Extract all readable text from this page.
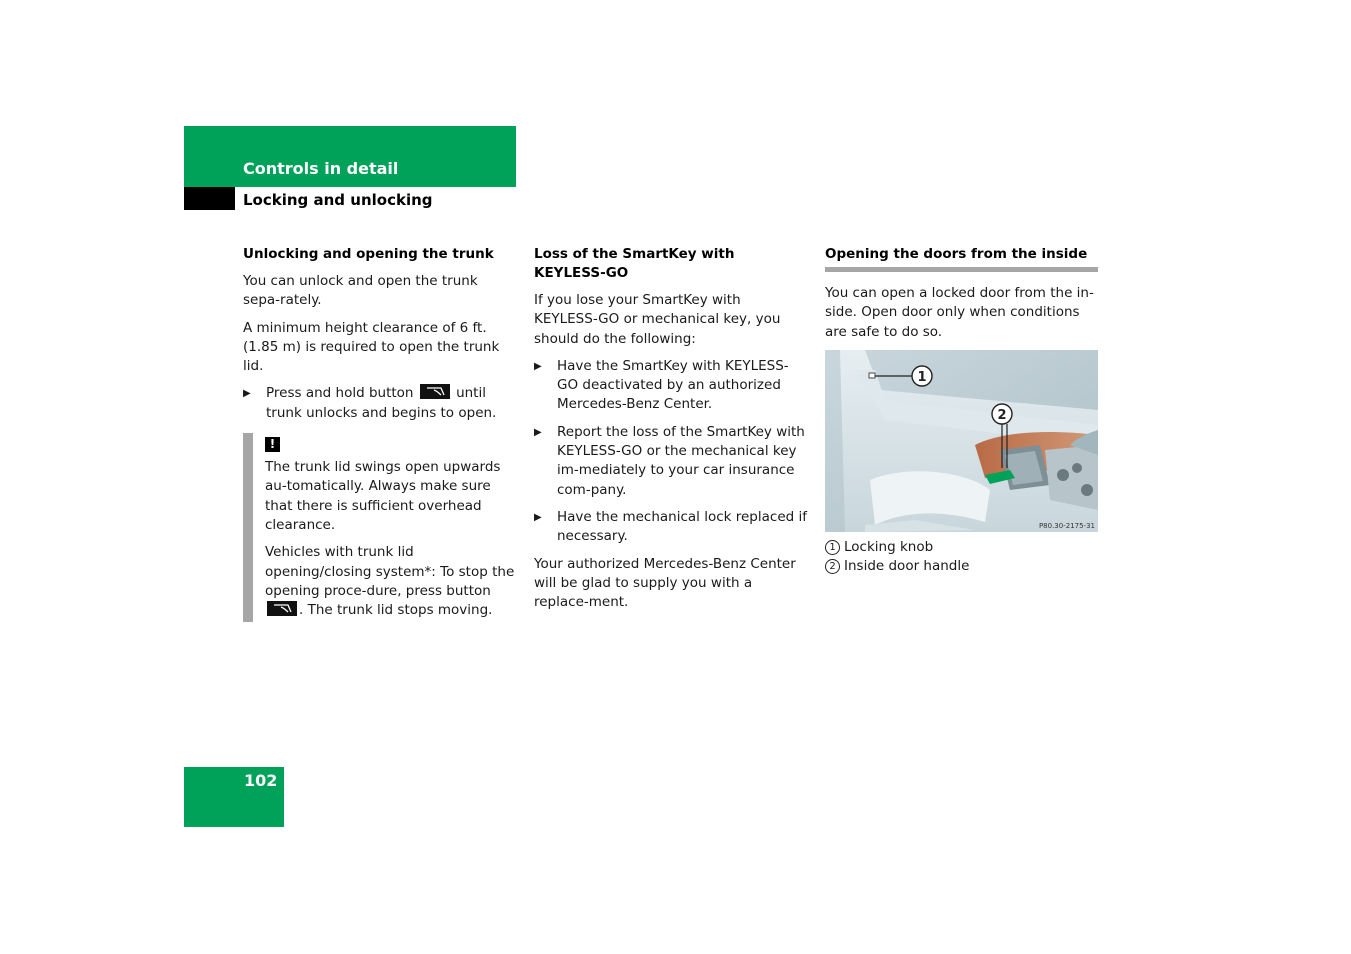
Controls in detail
Locking and unlocking
Unlocking and opening the trunk

You can unlock and open the trunk sepa-rately.

A minimum height clearance of 6 ft. (1.85 m) is required to open the trunk lid.

▶ Press and hold button	until trunk unlocks and begins to open.
!

The trunk lid swings open upwards au-tomatically. Always make sure that there is sufficient overhead clearance.

Vehicles with trunk lid opening/closing system*: To stop the opening proce-dure, press button
. The trunk lid stops moving.

Loss of the SmartKey with KEYLESS-GO

If you lose your SmartKey with KEYLESS-GO or mechanical key, you should do the following:

▶ Have the SmartKey with KEYLESS-GO deactivated by an authorized Mercedes-Benz Center.
▶ Report the loss of the SmartKey with KEYLESS-GO or the mechanical key im-mediately to your car insurance com-pany.
▶ Have the mechanical lock replaced if necessary.

Your authorized Mercedes-Benz Center will be glad to supply you with a replace-ment.

Opening the doors from the inside

You can open a locked door from the in-side. Open door only when conditions are safe to do so.

1
2
P80.30-2175-31
1 Locking knob
2 Inside door handle
102
